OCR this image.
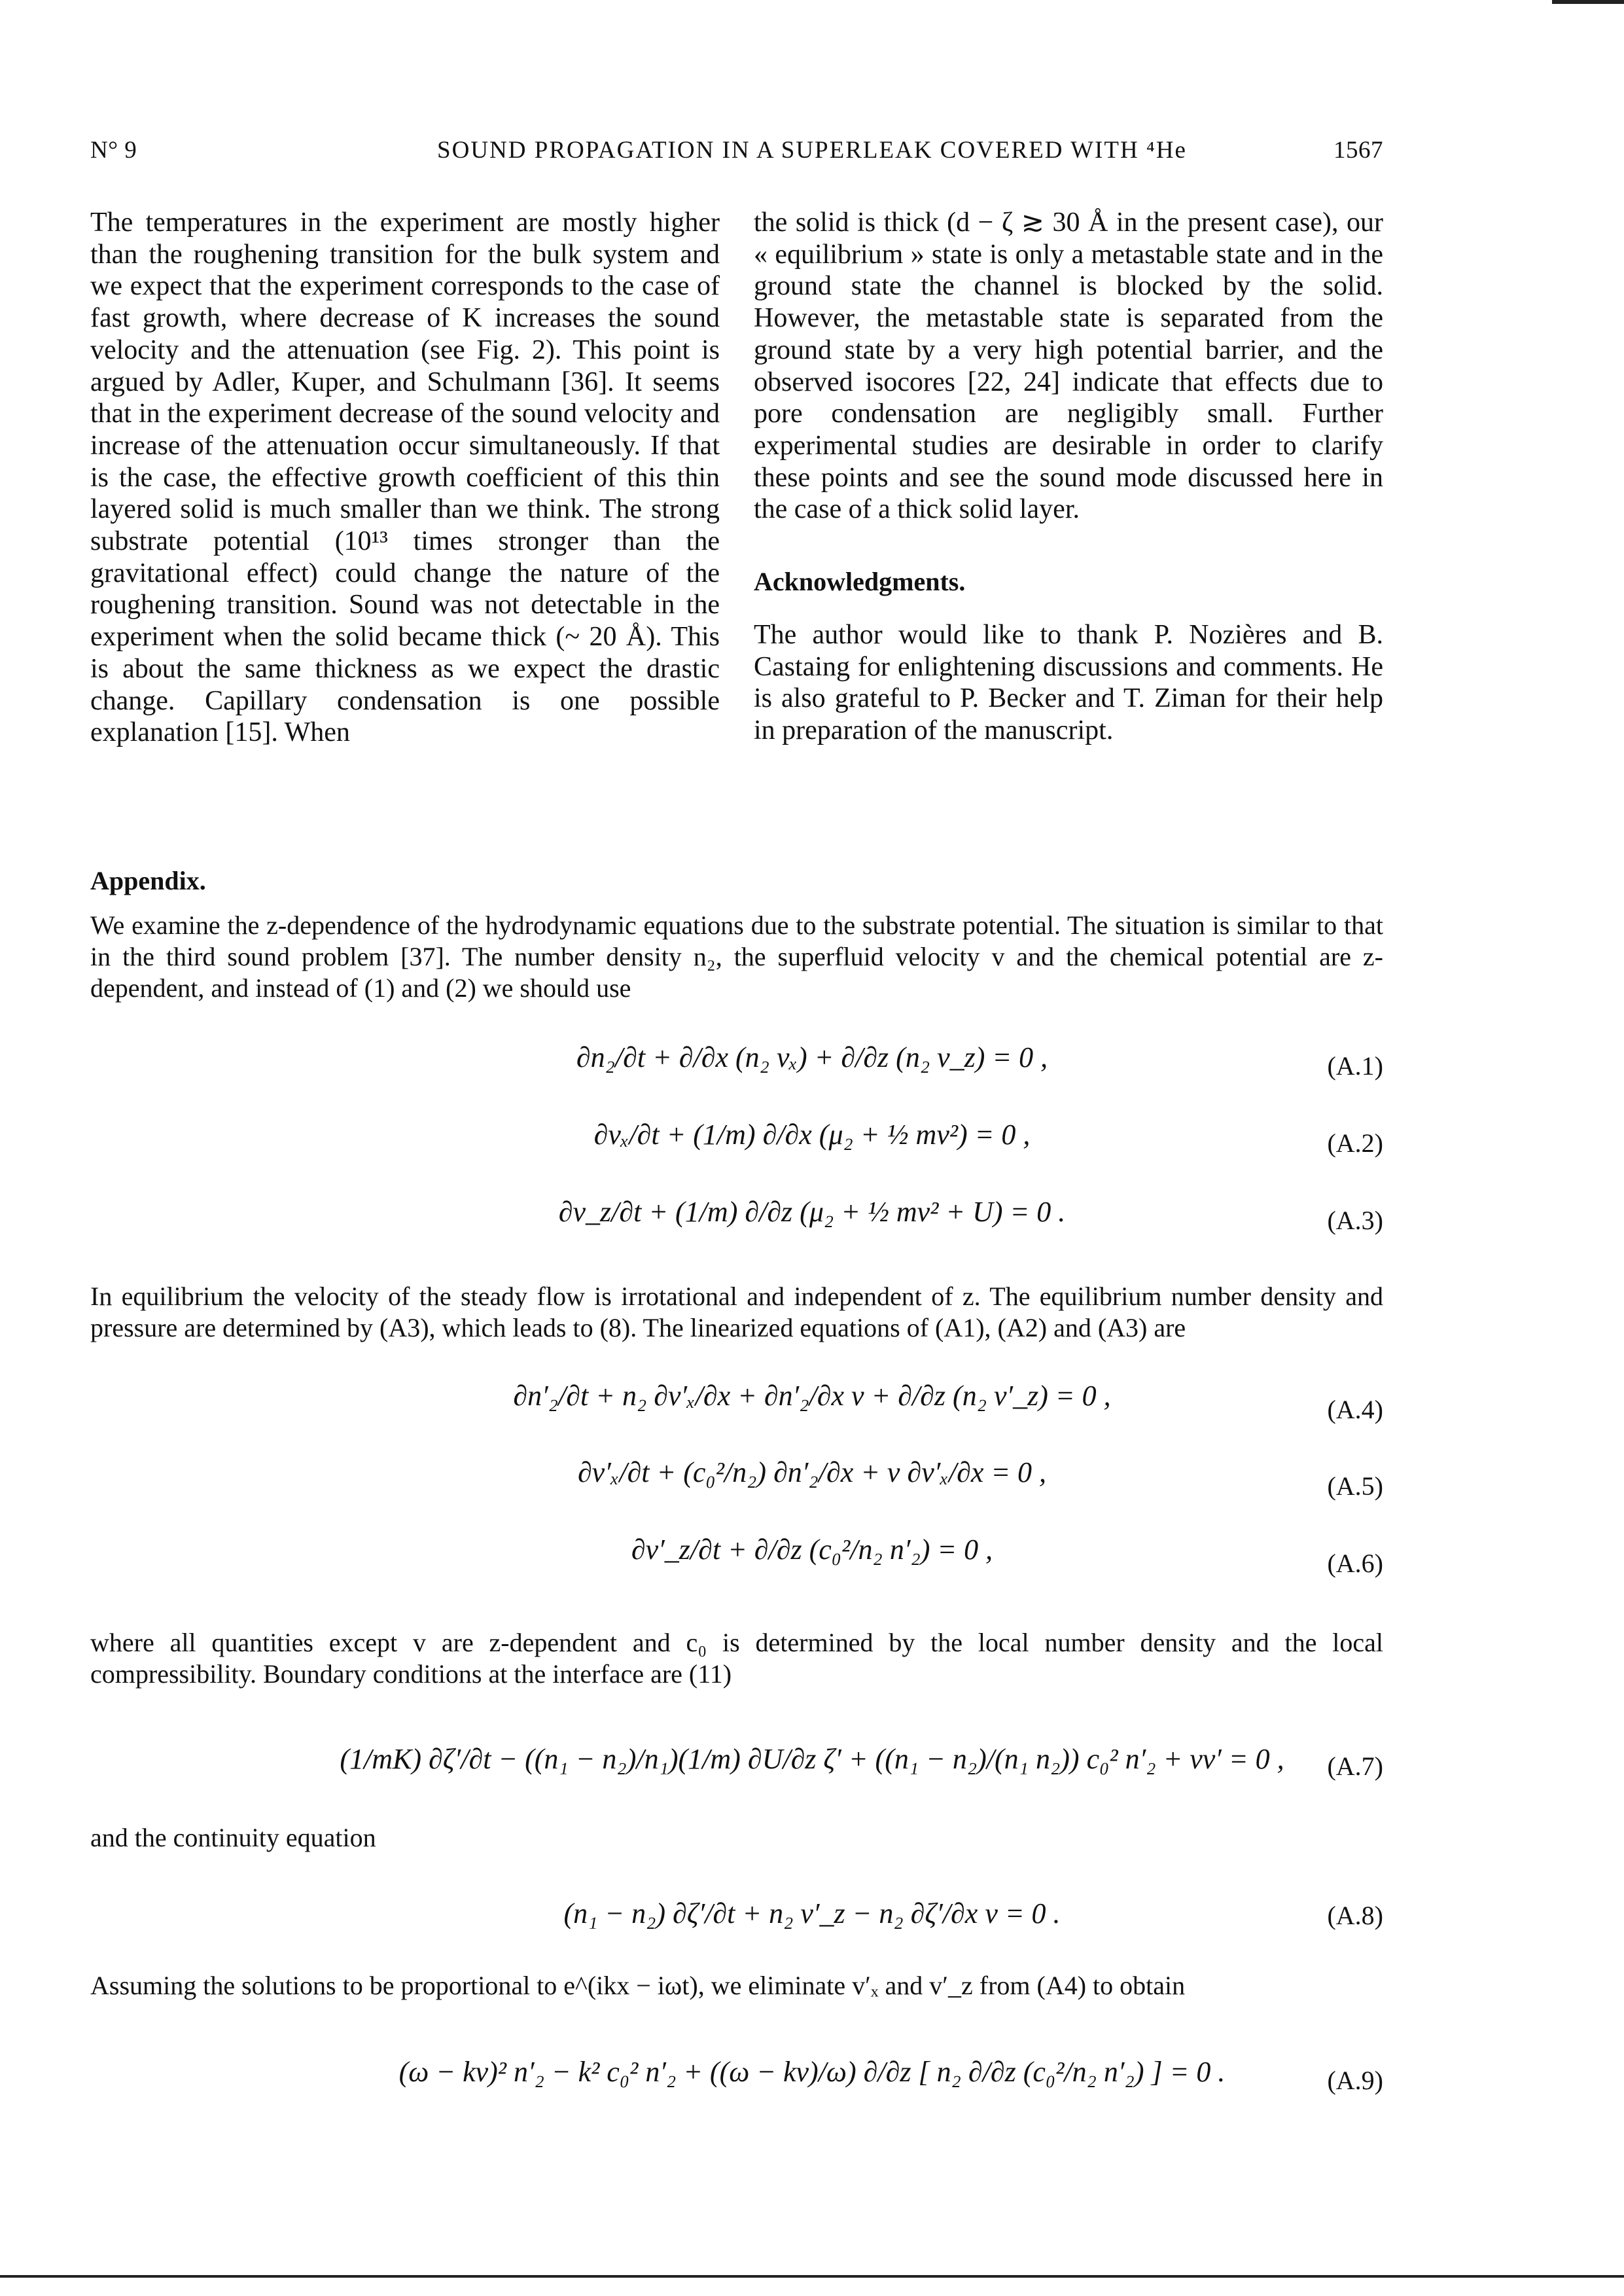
N° 9	SOUND PROPAGATION IN A SUPERLEAK COVERED WITH ⁴He	1567

The temperatures in the experiment are mostly higher than the roughening transition for the bulk system and we expect that the experiment corresponds to the case of fast growth, where decrease of K increases the sound velocity and the attenuation (see Fig. 2). This point is argued by Adler, Kuper, and Schulmann [36]. It seems that in the experiment decrease of the sound velocity and increase of the attenuation occur simultaneously. If that is the case, the effective growth coefficient of this thin layered solid is much smaller than we think. The strong substrate potential (10¹³ times stronger than the gravitational effect) could change the nature of the roughening transition. Sound was not detectable in the experiment when the solid became thick (~ 20 Å). This is about the same thickness as we expect the drastic change. Capillary condensation is one possible explanation [15]. When

the solid is thick (d − ζ ≳ 30 Å in the present case), our « equilibrium » state is only a metastable state and in the ground state the channel is blocked by the solid. However, the metastable state is separated from the ground state by a very high potential barrier, and the observed isocores [22, 24] indicate that effects due to pore condensation are negligibly small. Further experimental studies are desirable in order to clarify these points and see the sound mode discussed here in the case of a thick solid layer.

Acknowledgments.
The author would like to thank P. Nozières and B. Castaing for enlightening discussions and comments. He is also grateful to P. Becker and T. Ziman for their help in preparation of the manuscript.
Appendix.
We examine the z-dependence of the hydrodynamic equations due to the substrate potential. The situation is similar to that in the third sound problem [37]. The number density n₂, the superfluid velocity v and the chemical potential are z-dependent, and instead of (1) and (2) we should use
∂n₂/∂t + ∂/∂x (n₂ vₓ) + ∂/∂z (n₂ v_z) = 0 ,	(A.1)
∂vₓ/∂t + (1/m) ∂/∂x (μ₂ + ½ mv²) = 0 ,	(A.2)
∂v_z/∂t + (1/m) ∂/∂z (μ₂ + ½ mv² + U) = 0 .	(A.3)
In equilibrium the velocity of the steady flow is irrotational and independent of z. The equilibrium number density and pressure are determined by (A3), which leads to (8). The linearized equations of (A1), (A2) and (A3) are
∂n′₂/∂t + n₂ ∂v′ₓ/∂x + ∂n′₂/∂x v + ∂/∂z (n₂ v′_z) = 0 ,	(A.4)
∂v′ₓ/∂t + (c₀²/n₂) ∂n′₂/∂x + v ∂v′ₓ/∂x = 0 ,	(A.5)
∂v′_z/∂t + ∂/∂z (c₀²/n₂ n′₂) = 0 ,	(A.6)
where all quantities except v are z-dependent and c₀ is determined by the local number density and the local compressibility. Boundary conditions at the interface are (11)
(1/mK) ∂ζ′/∂t − ((n₁ − n₂)/n₁)(1/m) ∂U/∂z ζ′ + ((n₁ − n₂)/(n₁ n₂)) c₀² n′₂ + vv′ = 0 ,	(A.7)
and the continuity equation
(n₁ − n₂) ∂ζ′/∂t + n₂ v′_z − n₂ ∂ζ′/∂x v = 0 .	(A.8)
Assuming the solutions to be proportional to e^(ikx − iωt), we eliminate v′ₓ and v′_z from (A4) to obtain
(ω − kv)² n′₂ − k² c₀² n′₂ + ((ω − kv)/ω) ∂/∂z [ n₂ ∂/∂z (c₀²/n₂ n′₂) ] = 0 .	(A.9)
